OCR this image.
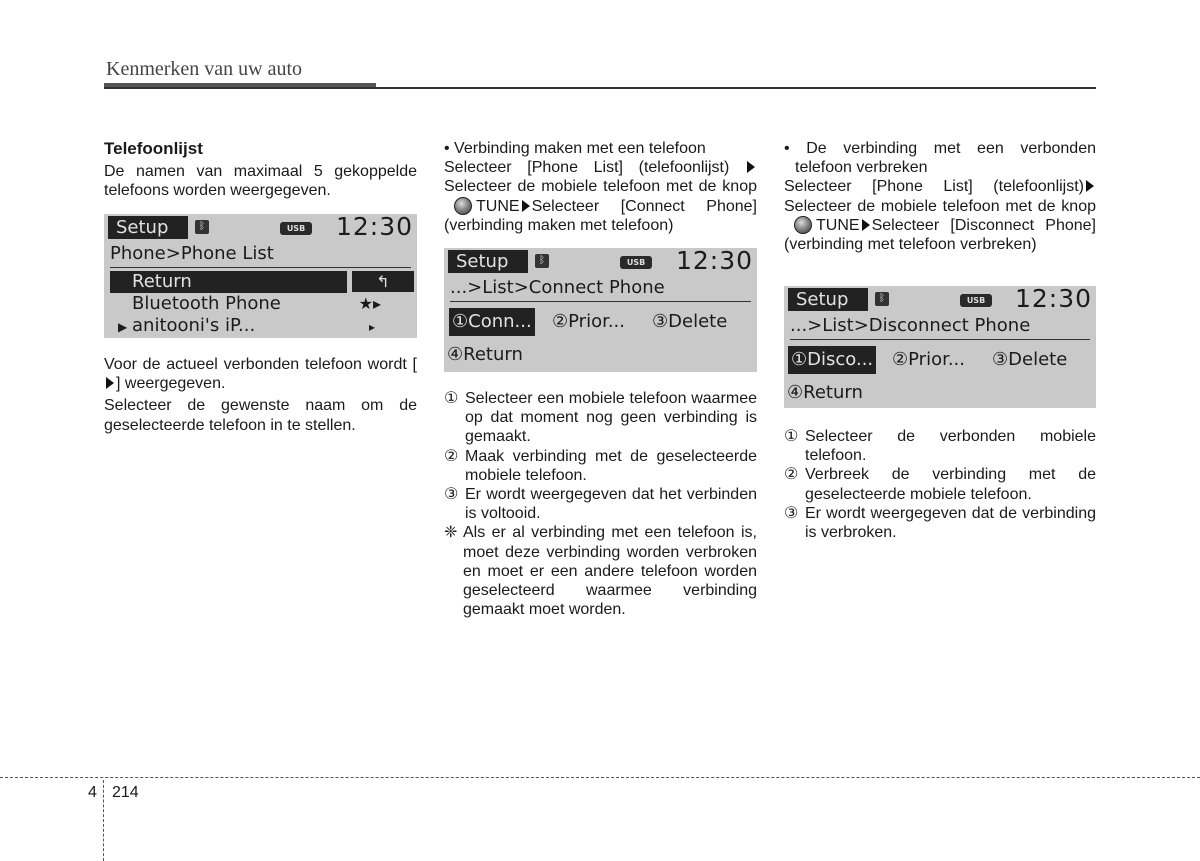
Kenmerken van uw auto
Telefoonlijst

De namen van maximaal 5 gekoppelde telefoons worden weergegeven.

Setup	ᛒ	USB 12:30
Phone>Phone List
Return	↰
Bluetooth Phone	★▸
▶ anitooni's iP...	▸

Voor de actueel verbonden telefoon wordt [] weergegeven.

Selecteer de gewenste naam om de geselecteerde telefoon in te stellen.

• Verbinding maken met een telefoon

Selecteer [Phone List] (telefoonlijst)  Selecteer de mobiele telefoon met de knopTUNE Selecteer [Connect Phone] (verbinding maken met telefoon)

Setup	ᛒ	USB 12:30
...>List>Connect Phone
①Conn... ②Prior... ③Delete
④Return
① Selecteer een mobiele telefoon waarmee op dat moment nog geen verbinding is gemaakt.
② Maak verbinding met de geselecteerde mobiele telefoon.
③ Er wordt weergegeven dat het verbinden is voltooid.
❈ Als er al verbinding met een telefoon is, moet deze verbinding worden verbroken en moet er een andere telefoon worden geselecteerd waarmee verbinding gemaakt moet worden.

• De verbinding met een verbonden telefoon verbreken

Selecteer [Phone List] (telefoonlijst) Selecteer de mobiele telefoon met de knopTUNE Selecteer [Disconnect Phone] (verbinding met telefoon verbreken)

Setup	ᛒ	USB 12:30
...>List>Disconnect Phone
①Disco... ②Prior... ③Delete
④Return
① Selecteer de verbonden mobiele telefoon.
② Verbreek de verbinding met de geselecteerde mobiele telefoon.
③ Er wordt weergegeven dat de verbinding is verbroken.
4 214
